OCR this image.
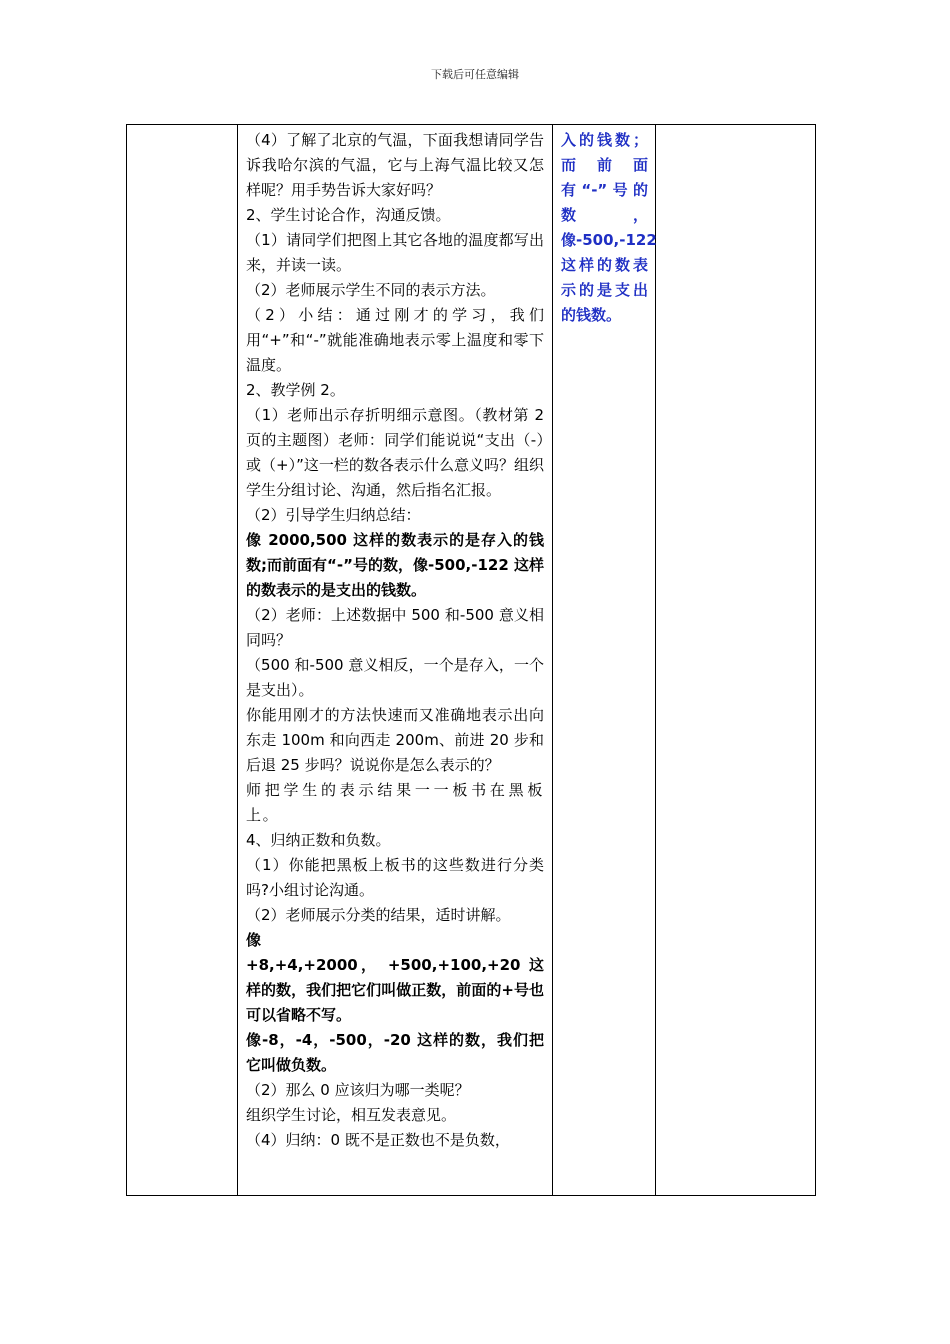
下载后可任意编辑

（4）了解了北京的气温，下面我想请同学告诉我哈尔滨的气温，它与上海气温比较又怎样呢？用手势告诉大家好吗？

2、学生讨论合作，沟通反馈。

（1）请同学们把图上其它各地的温度都写出来，并读一读。

（2）老师展示学生不同的表示方法。

（2）小结：通过刚才的学习，我们用“+”和“-”就能准确地表示零上温度和零下温度。

2、教学例 2。

（1）老师出示存折明细示意图。（教材第 2 页的主题图）老师：同学们能说说“支出（-）或（+）”这一栏的数各表示什么意义吗？组织学生分组讨论、沟通，然后指名汇报。

（2）引导学生归纳总结：

像 2000,500 这样的数表示的是存入的钱数;而前面有“-”号的数，像-500,-122 这样的数表示的是支出的钱数。

（2）老师：上述数据中 500 和-500 意义相同吗？

（500 和-500 意义相反，一个是存入，一个是支出）。

你能用刚才的方法快速而又准确地表示出向东走 100m 和向西走 200m、前进 20 步和后退 25 步吗？说说你是怎么表示的？

师把学生的表示结果一一板书在黑板上。

4、归纳正数和负数。

（1）你能把黑板上板书的这些数进行分类吗?小组讨论沟通。

（2）老师展示分类的结果，适时讲解。

像

+8,+4,+2000， +500,+100,+20 这样的数，我们把它们叫做正数，前面的+号也可以省略不写。

像-8，-4，-500，-20 这样的数，我们把它叫做负数。

（2）那么 0 应该归为哪一类呢？

组织学生讨论，相互发表意见。

（4）归纳：0 既不是正数也不是负数，

入的钱数；而前面有“-”号的数，像-500,-122 这样的数表示的是支出的钱数。
